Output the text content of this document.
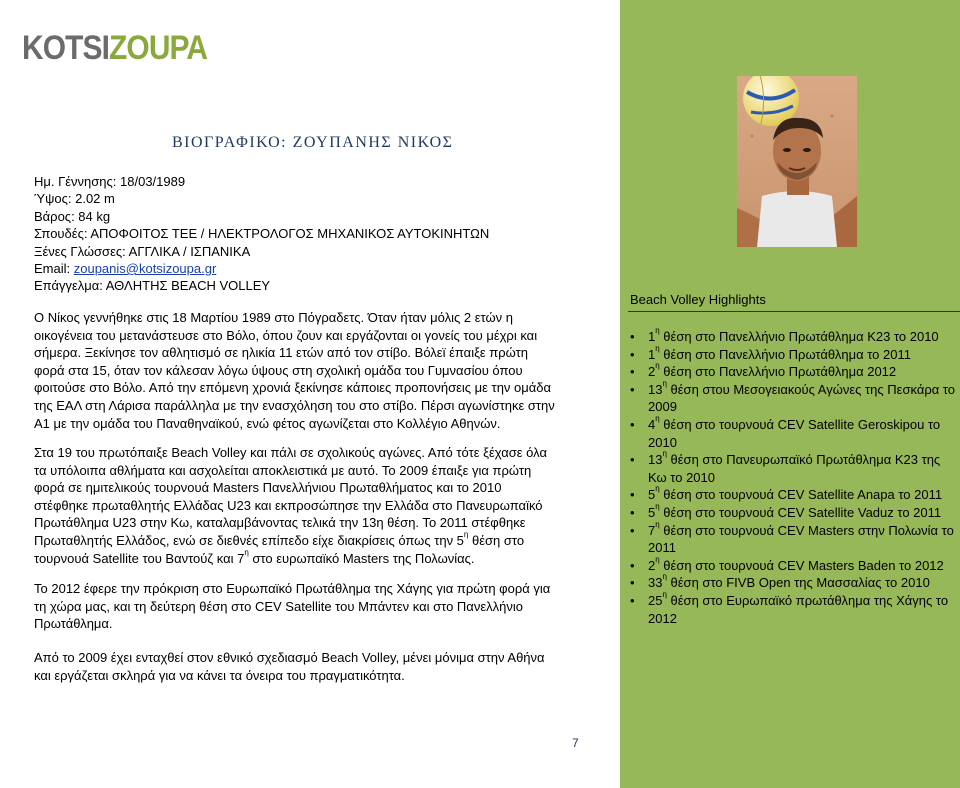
KOTSIZOUPA
ΒΙΟΓΡΑΦΙΚΟ: ΖΟΥΠΑΝΗΣ ΝΙΚΟΣ
Ημ. Γέννησης: 18/03/1989
Ύψος: 2.02 m
Βάρος: 84 kg
Σπουδές: ΑΠΟΦΟΙΤΟΣ ΤΕΕ / ΗΛΕΚΤΡΟΛΟΓΟΣ ΜΗΧΑΝΙΚΟΣ ΑΥΤΟΚΙΝΗΤΩΝ
Ξένες Γλώσσες: ΑΓΓΛΙΚΑ / ΙΣΠΑΝΙΚΑ
Email: zoupanis@kotsizoupa.gr
Επάγγελμα: ΑΘΛΗΤΗΣ BEACH VOLLEY
Ο Νίκος γεννήθηκε στις 18 Μαρτίου 1989 στο Πόγραδετς. Όταν ήταν μόλις 2 ετών η
οικογένεια του μετανάστευσε στο Βόλο, όπου ζουν και εργάζονται οι γονείς του μέχρι και
σήμερα. Ξεκίνησε τον αθλητισμό σε ηλικία 11 ετών από τον στίβο. Βόλεϊ έπαιξε πρώτη
φορά στα 15, όταν τον κάλεσαν λόγω ύψους στη σχολική ομάδα του Γυμνασίου όπου
φοιτούσε στο Βόλο. Από την επόμενη χρονιά ξεκίνησε κάποιες προπονήσεις με την ομάδα
της ΕΑΛ στη Λάρισα παράλληλα με την ενασχόληση του στο στίβο. Πέρσι αγωνίστηκε στην
Α1 με την ομάδα του Παναθηναϊκού, ενώ φέτος αγωνίζεται στο Κολλέγιο Αθηνών.
Στα 19 του πρωτόπαιξε Beach Volley και πάλι σε σχολικούς αγώνες. Από τότε ξέχασε όλα
τα υπόλοιπα αθλήματα και ασχολείται αποκλειστικά με αυτό. Το 2009 έπαιξε για πρώτη
φορά σε ημιτελικούς τουρνουά Masters Πανελλήνιου Πρωταθλήματος και το 2010
στέφθηκε πρωταθλητής Ελλάδας U23 και εκπροσώπησε την Ελλάδα στο Πανευρωπαϊκό
Πρωτάθλημα U23 στην Κω, καταλαμβάνοντας τελικά την 13η θέση. Το 2011 στέφθηκε
Πρωταθλητής Ελλάδος, ενώ σε διεθνές επίπεδο είχε διακρίσεις όπως την $5^\eta$ θέση στο
τουρνουά Satellite του Βαντούζ και $7^\eta$ στο ευρωπαϊκό Masters της Πολωνίας.
Το 2012 έφερε την πρόκριση στο Ευρωπαϊκό Πρωτάθλημα της Χάγης για πρώτη φορά για
τη χώρα μας, και τη δεύτερη θέση στο CEV Satellite του Μπάντεν και στο Πανελλήνιο
Πρωτάθλημα.
Από το 2009 έχει ενταχθεί στον εθνικό σχεδιασμό Beach Volley, μένει μόνιμα στην Αθήνα
και εργάζεται σκληρά για να κάνει τα όνειρα του πραγματικότητα.
7
Beach Volley Highlights
• $1^\eta$ θέση στο Πανελλήνιο Πρωτάθλημα Κ23 το 2010
• $1^\eta$ θέση στο Πανελλήνιο Πρωτάθλημα το 2011
• $2^\eta$ θέση στο Πανελλήνιο Πρωτάθλημα 2012
• $13^\eta$ θέση στου Μεσογειακούς Αγώνες της Πεσκάρα το 2009
• $4^\eta$ θέση στο τουρνουά CEV Satellite Geroskipou το 2010
• $13^\eta$ θέση στο Πανευρωπαϊκό Πρωτάθλημα Κ23 της Κω το 2010
• $5^\eta$ θέση στο τουρνουά CEV Satellite Anapa το 2011
• $5^\eta$ θέση στο τουρνουά CEV Satellite Vaduz το 2011
• $7^\eta$ θέση στο τουρνουά CEV Masters στην Πολωνία το 2011
• $2^\eta$ θέση στο τουρνουά CEV Masters Baden το 2012
• $33^\eta$ θέση στο FIVB Open της Μασσαλίας το 2010
• $25^\eta$ θέση στο Ευρωπαϊκό πρωτάθλημα της Χάγης το 2012
